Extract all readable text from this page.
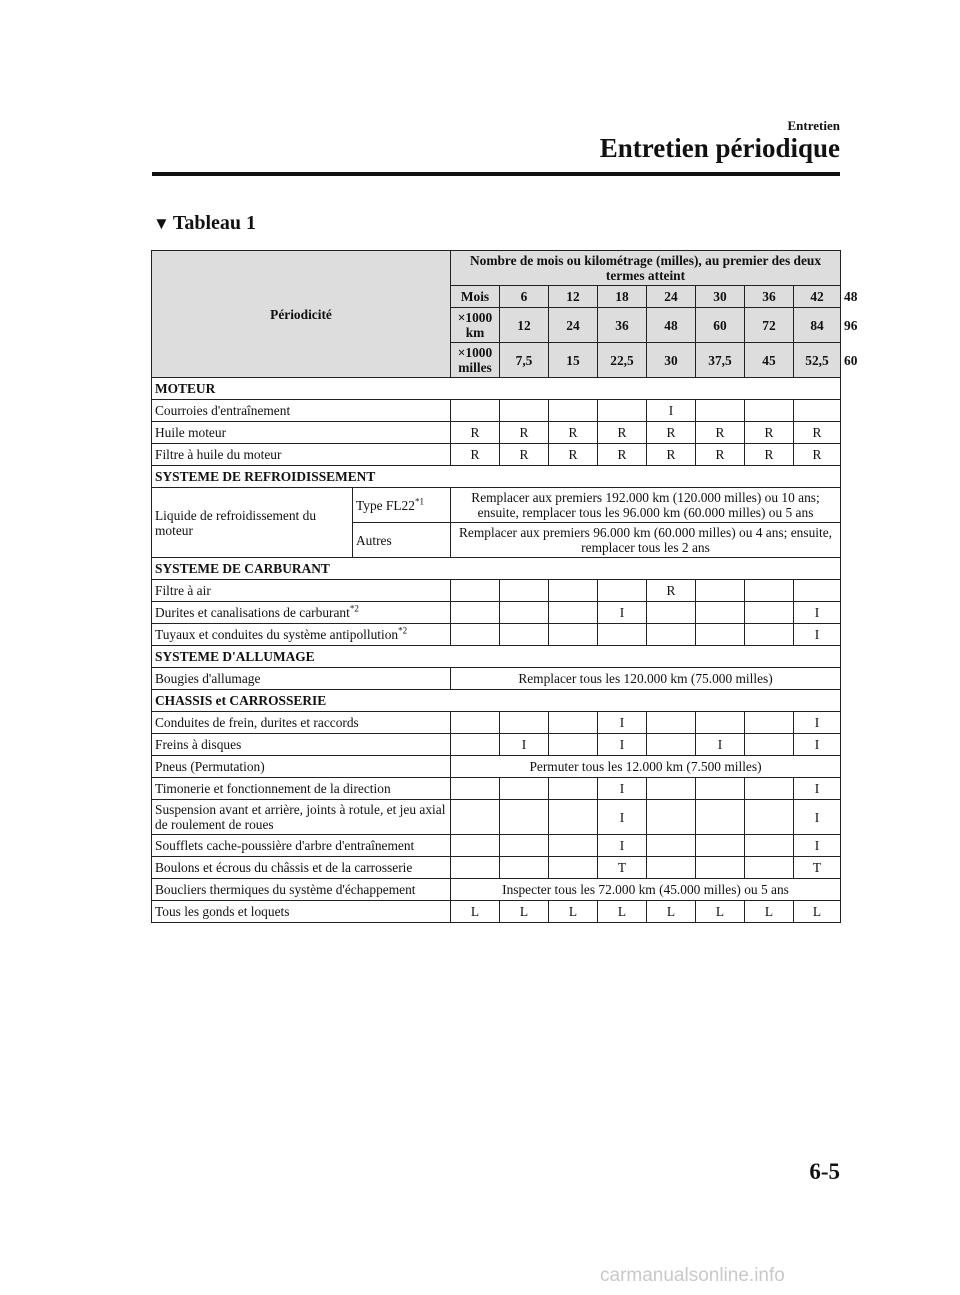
Entretien
Entretien périodique
▼ Tableau 1
Périodicité		Nombre de mois ou kilométrage (milles), au premier des deux termes atteint								
		Mois	6	12	18	24	30	36	42	48
		×1000 km	12	24	36	48	60	72	84	96
		×1000 milles	7,5	15	22,5	30	37,5	45	52,5	60
MOTEUR										
Courroies d'entraînement						I				
Huile moteur		R	R	R	R	R	R	R	R	
Filtre à huile du moteur		R	R	R	R	R	R	R	R	
SYSTEME DE REFROIDISSEMENT										
Liquide de refroidissement du moteur	Type FL22$^{*1}$	Remplacer aux premiers 192.000 km (120.000 milles) ou 10 ans; ensuite, remplacer tous les 96.000 km (60.000 milles) ou 5 ans								
	Autres	Remplacer aux premiers 96.000 km (60.000 milles) ou 4 ans; ensuite, remplacer tous les 2 ans								
SYSTEME DE CARBURANT										
Filtre à air						R				
Durites et canalisations de carburant$^{*2}$					I				I	
Tuyaux et conduites du système antipollution$^{*2}$									I	
SYSTEME D'ALLUMAGE										
Bougies d'allumage		Remplacer tous les 120.000 km (75.000 milles)								
CHASSIS et CARROSSERIE										
Conduites de frein, durites et raccords					I				I	
Freins à disques			I		I		I		I	
Pneus (Permutation)		Permuter tous les 12.000 km (7.500 milles)								
Timonerie et fonctionnement de la direction					I				I	
Suspension avant et arrière, joints à rotule, et jeu axial de roulement de roues					I				I	
Soufflets cache-poussière d'arbre d'entraînement					I				I	
Boulons et écrous du châssis et de la carrosserie					T				T	
Boucliers thermiques du système d'échappement		Inspecter tous les 72.000 km (45.000 milles) ou 5 ans								
Tous les gonds et loquets		L	L	L	L	L	L	L	L	
6-5
carmanualsonline.info
